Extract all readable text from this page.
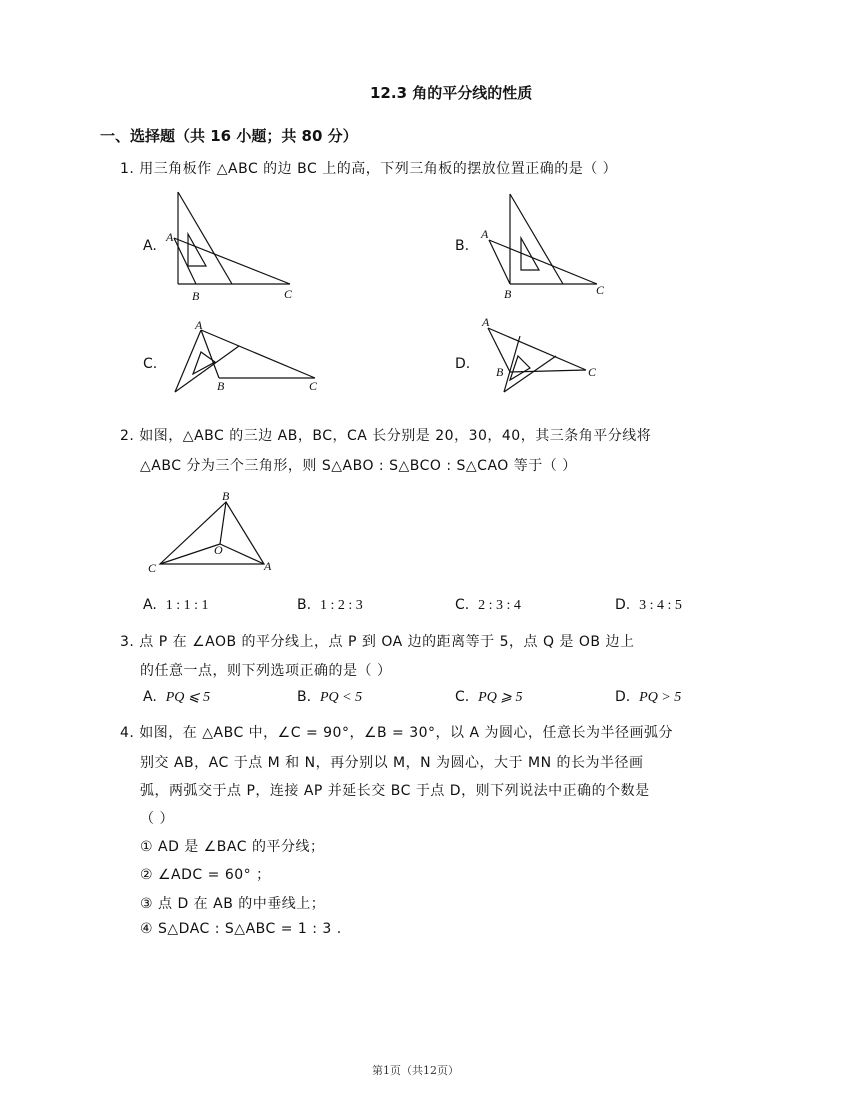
12.3 角的平分线的性质
一、选择题（共 16 小题；共 80 分）
1. 用三角板作 △ABC 的边 BC 上的高，下列三角板的摆放位置正确的是（ ）
A.
A
B	C
B.
A
B	C
C.
A
B	C
D.
A
B	C
2. 如图，△ABC 的三边 AB，BC，CA 长分别是 20，30，40，其三条角平分线将
△ABC 分为三个三角形，则 S△ABO : S△BCO : S△CAO 等于（ ）
B
C	A
O
A. 1 : 1 : 1	B. 1 : 2 : 3	C. 2 : 3 : 4	D. 3 : 4 : 5
3. 点 P 在 ∠AOB 的平分线上，点 P 到 OA 边的距离等于 5，点 Q 是 OB 边上
的任意一点，则下列选项正确的是（ ）
A. PQ ⩽ 5	B. PQ < 5	C. PQ ⩾ 5	D. PQ > 5
4. 如图，在 △ABC 中，∠C = 90°，∠B = 30°，以 A 为圆心，任意长为半径画弧分
别交 AB，AC 于点 M 和 N，再分别以 M，N 为圆心，大于 MN 的长为半径画
弧，两弧交于点 P，连接 AP 并延长交 BC 于点 D，则下列说法中正确的个数是
（ ）
① AD 是 ∠BAC 的平分线；
② ∠ADC = 60° ；
③ 点 D 在 AB 的中垂线上；
④ S△DAC : S△ABC = 1 : 3 .
第1页（共12页）
